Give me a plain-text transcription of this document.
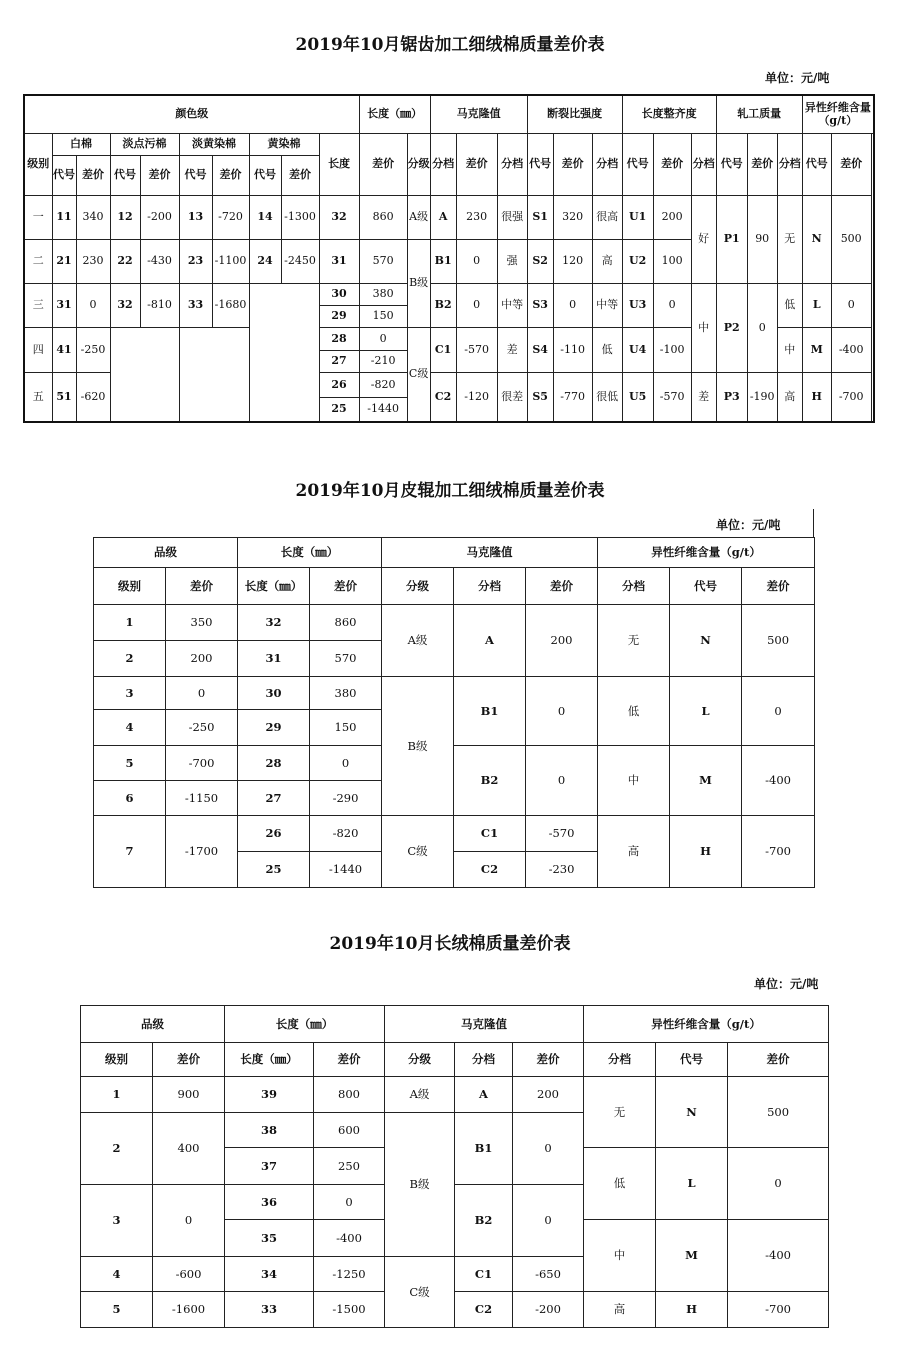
2019年10月锯齿加工细绒棉质量差价表
单位：元/吨
颜色级										长度（㎜）		马克隆值			断裂比强度			长度整齐度			轧工质量			异性纤维含量（g/t）	
级别	白棉		淡点污棉		淡黄染棉		黄染棉		长度	差价	分级	分档	差价	分档	代号	差价	分档	代号	差价	分档	代号	差价	分档	代号	差价
	代号	差价	代号	差价	代号	差价	代号	差价																	
一	11	340	12	-200	13	-720	14	-1300	32	860	A级	A	230	很强	S1	320	很高	U1	200	好	P1	90	无	N	500

二	21	230	22	-430	23	-1100	24	-2450	31	570	B级	B1	0	强	S2	120	高	U2	100						

三	31	0	32	-810	33	-1680			30	380		B2	0	中等	S3	0	中等	U3	0	中	P2	0	低	L	0
									29	150															
四	41	-250							28	0	C级	C1	-570	差	S4	-110	低	U4	-100				中	M	-400
									27	-210															
五	51	-620							26	-820		C2	-120	很差	S5	-770	很低	U5	-570	差	P3	-190	高	H	-700
									25	-1440															
2019年10月皮辊加工细绒棉质量差价表
单位：元/吨
品级		长度（㎜）		马克隆值			异性纤维含量（g/t）		
级别	差价	长度（㎜）	差价	分级	分档	差价	分档	代号	差价
1	350	32	860	A级	A	200	无	N	500
2	200	31	570						
3	0	30	380	B级	B1	0	低	L	0
4	-250	29	150						
5	-700	28	0		B2	0	中	M	-400
6	-1150	27	-290						
7	-1700	26	-820	C级	C1	-570	高	H	-700
		25	-1440		C2	-230			
2019年10月长绒棉质量差价表
单位：元/吨
品级		长度（㎜）		马克隆值			异性纤维含量（g/t）		
级别	差价	长度（㎜）	差价	分级	分档	差价	分档	代号	差价
1	900	39	800	A级	A	200	无	N	500
2	400	38	600	B级	B1	0			
		37	250				低	L	0
3	0	36	0		B2	0			
		35	-400				中	M	-400
4	-600	34	-1250	C级	C1	-650			
5	-1600	33	-1500		C2	-200	高	H	-700
